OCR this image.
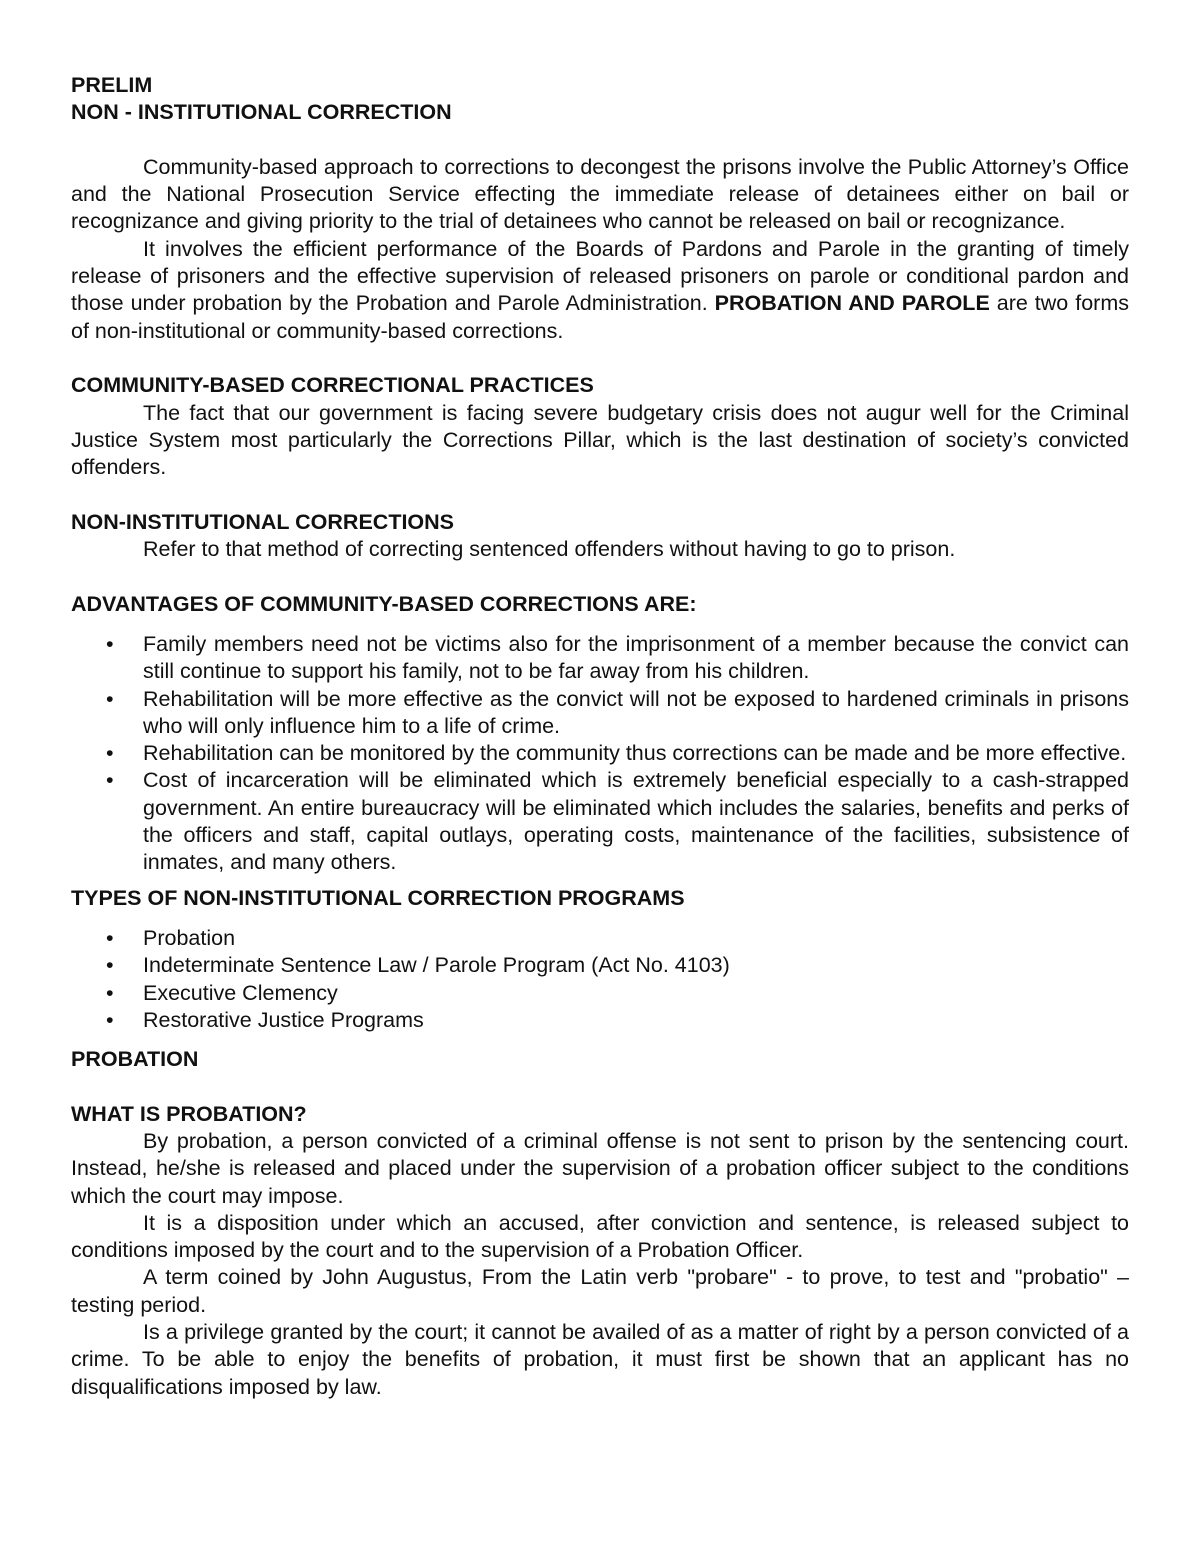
PRELIM
NON - INSTITUTIONAL CORRECTION

Community-based approach to corrections to decongest the prisons involve the Public Attorney’s Office and the National Prosecution Service effecting the immediate release of detainees either on bail or recognizance and giving priority to the trial of detainees who cannot be released on bail or recognizance.

It involves the efficient performance of the Boards of Pardons and Parole in the granting of timely release of prisoners and the effective supervision of released prisoners on parole or conditional pardon and those under probation by the Probation and Parole Administration. PROBATION AND PAROLE are two forms of non-institutional or community-based corrections.

COMMUNITY-BASED CORRECTIONAL PRACTICES

The fact that our government is facing severe budgetary crisis does not augur well for the Criminal Justice System most particularly the Corrections Pillar, which is the last destination of society’s convicted offenders.

NON-INSTITUTIONAL CORRECTIONS

Refer to that method of correcting sentenced offenders without having to go to prison.

ADVANTAGES OF COMMUNITY-BASED CORRECTIONS ARE:
• Family members need not be victims also for the imprisonment of a member because the convict can still continue to support his family, not to be far away from his children.
• Rehabilitation will be more effective as the convict will not be exposed to hardened criminals in prisons who will only influence him to a life of crime.
• Rehabilitation can be monitored by the community thus corrections can be made and be more effective.
• Cost of incarceration will be eliminated which is extremely beneficial especially to a cash-strapped government. An entire bureaucracy will be eliminated which includes the salaries, benefits and perks of the officers and staff, capital outlays, operating costs, maintenance of the facilities, subsistence of inmates, and many others.
TYPES OF NON-INSTITUTIONAL CORRECTION PROGRAMS
• Probation
• Indeterminate Sentence Law / Parole Program (Act No. 4103)
• Executive Clemency
• Restorative Justice Programs
PROBATION
WHAT IS PROBATION?

By probation, a person convicted of a criminal offense is not sent to prison by the sentencing court. Instead, he/she is released and placed under the supervision of a probation officer subject to the conditions which the court may impose.

It is a disposition under which an accused, after conviction and sentence, is released subject to conditions imposed by the court and to the supervision of a Probation Officer.

A term coined by John Augustus, From the Latin verb "probare" - to prove, to test and "probatio" – testing period.

Is a privilege granted by the court; it cannot be availed of as a matter of right by a person convicted of a crime. To be able to enjoy the benefits of probation, it must first be shown that an applicant has no disqualifications imposed by law.
